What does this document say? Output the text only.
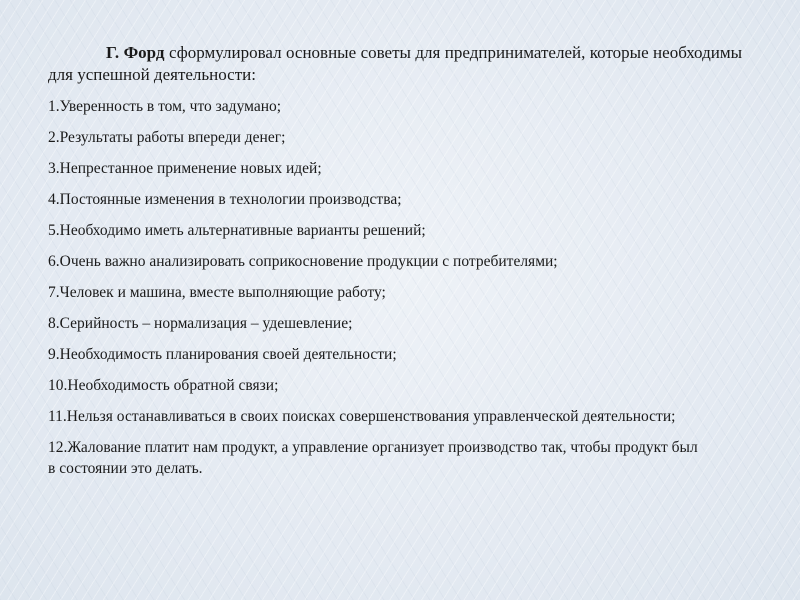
Г. Форд сформулировал основные советы для предпринимателей, которые необходимы для успешной деятельности:

1.Уверенность в том, что задумано;
2.Результаты работы впереди денег;
3.Непрестанное применение новых идей;
4.Постоянные изменения в технологии производства;
5.Необходимо иметь альтернативные варианты решений;
6.Очень важно анализировать соприкосновение продукции с потребителями;
7.Человек и машина, вместе выполняющие работу;
8.Серийность – нормализация – удешевление;
9.Необходимость планирования своей деятельности;
10.Необходимость обратной связи;
11.Нельзя останавливаться в своих поисках совершенствования управленческой деятельности;
12.Жалование платит нам продукт, а управление организует производство так, чтобы продукт был в состоянии это делать.
